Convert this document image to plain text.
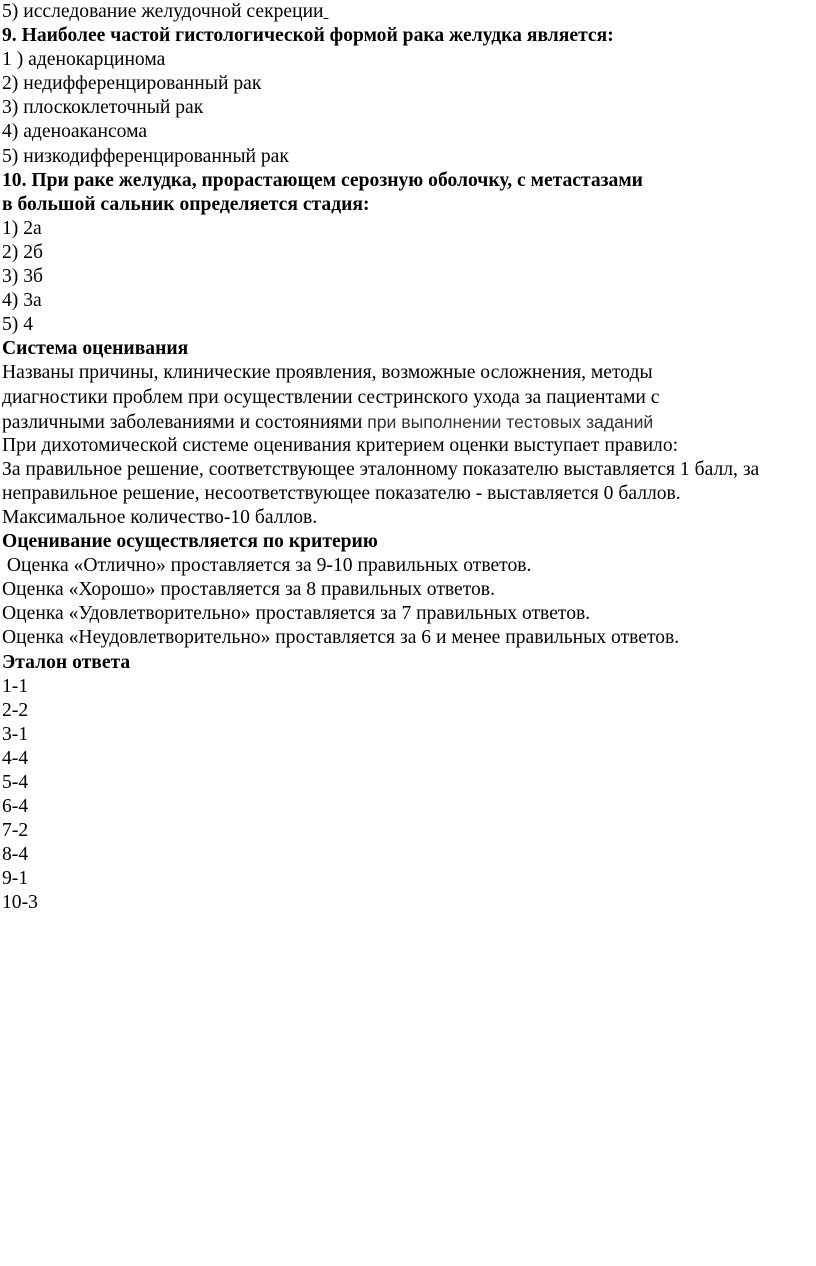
5) исследование желудочной секреции
9. Наиболее частой гистологической формой рака желудка является:
1 ) аденокарцинома
2) недифференцированный рак
3) плоскоклеточный рак
4) аденоакансома
5) низкодифференцированный рак
10. При раке желудка, прорастающем серозную оболочку, с метастазами
в большой сальник определяется стадия:
1) 2а
2) 2б
3) 3б
4) 3а
5) 4
Система оценивания
Названы причины, клинические проявления, возможные осложнения, методы
диагностики проблем при осуществлении сестринского ухода за пациентами с
различными заболеваниями и состояниями при выполнении тестовых заданий
При дихотомической системе оценивания критерием оценки выступает правило:
За правильное решение, соответствующее эталонному показателю выставляется 1 балл, за
неправильное решение, несоответствующее показателю - выставляется 0 баллов.
Максимальное количество-10 баллов.
Оценивание осуществляется по критерию
Оценка «Отлично» проставляется за 9-10 правильных ответов.
Оценка «Хорошо» проставляется за 8 правильных ответов.
Оценка «Удовлетворительно» проставляется за 7 правильных ответов.
Оценка «Неудовлетворительно» проставляется за 6 и менее правильных ответов.
Эталон ответа
1-1
2-2
3-1
4-4
5-4
6-4
7-2
8-4
9-1
10-3
